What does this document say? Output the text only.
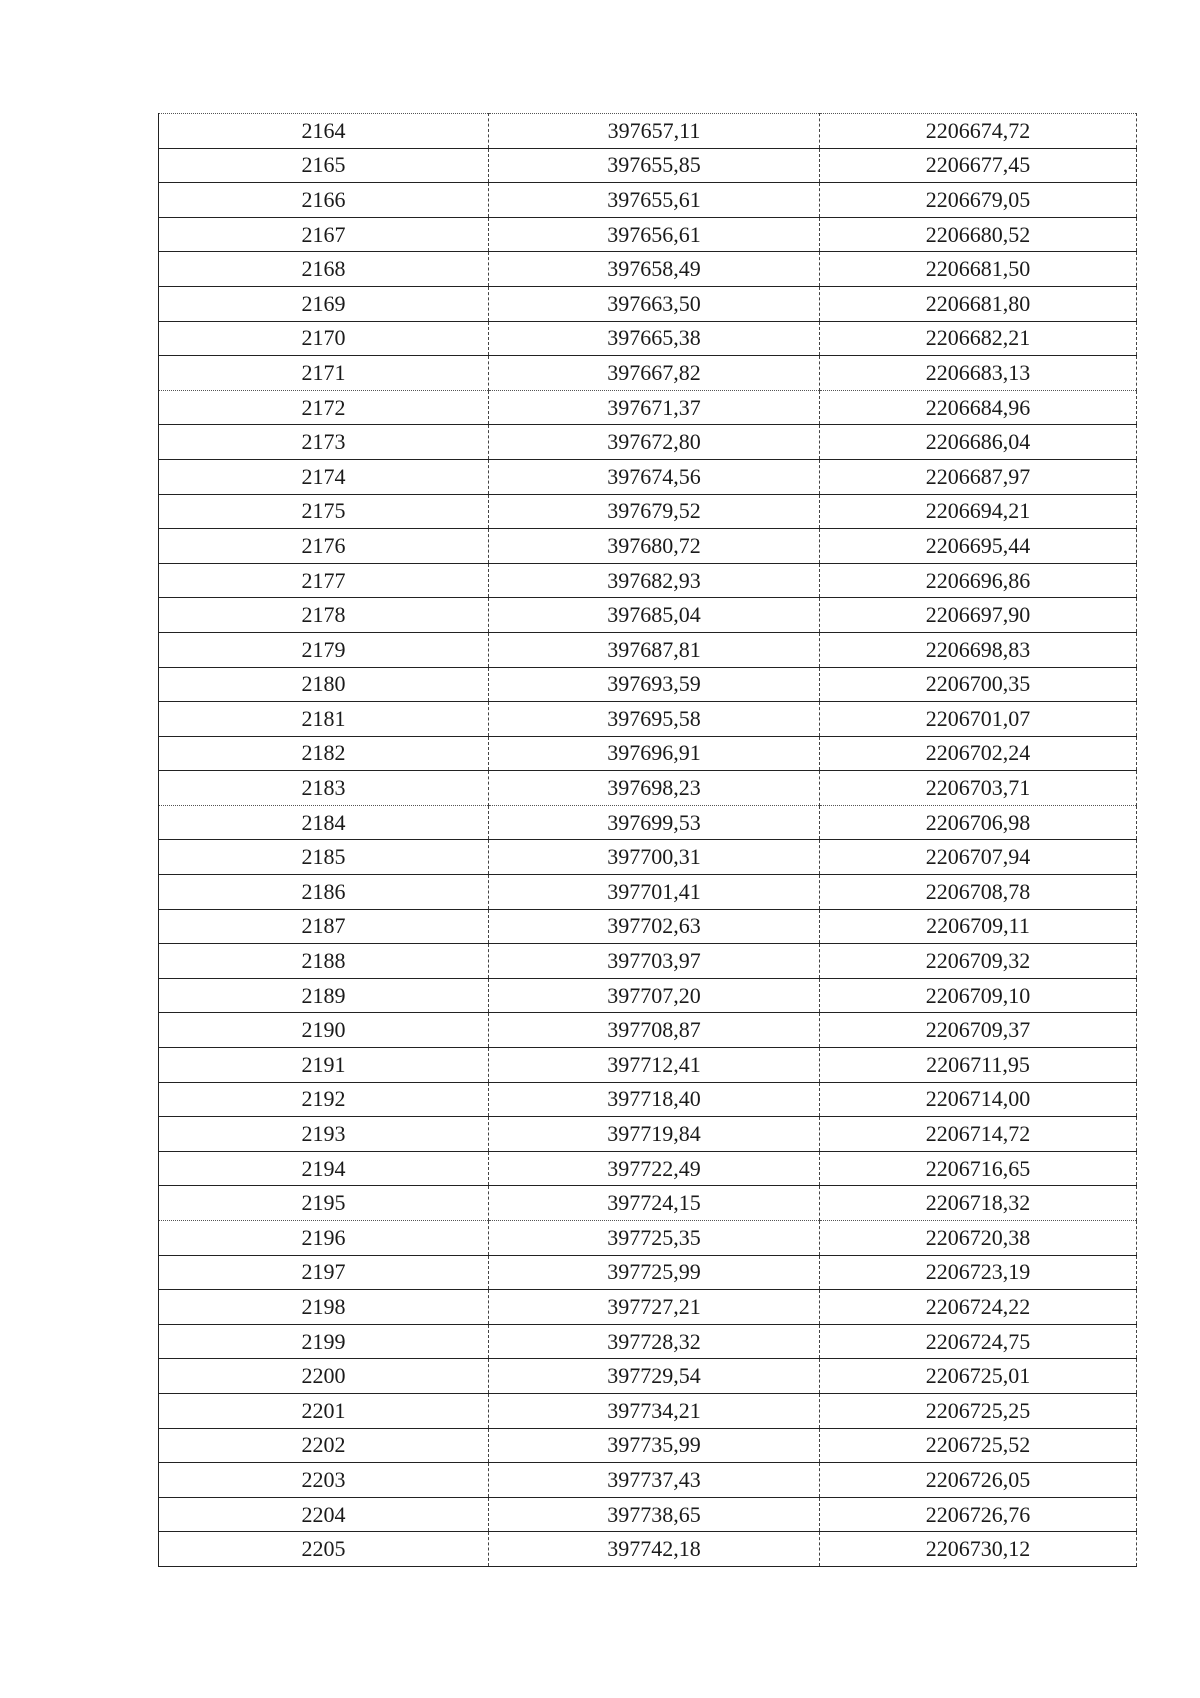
2164	397657,11	2206674,72
2165	397655,85	2206677,45
2166	397655,61	2206679,05
2167	397656,61	2206680,52
2168	397658,49	2206681,50
2169	397663,50	2206681,80
2170	397665,38	2206682,21
2171	397667,82	2206683,13
2172	397671,37	2206684,96
2173	397672,80	2206686,04
2174	397674,56	2206687,97
2175	397679,52	2206694,21
2176	397680,72	2206695,44
2177	397682,93	2206696,86
2178	397685,04	2206697,90
2179	397687,81	2206698,83
2180	397693,59	2206700,35
2181	397695,58	2206701,07
2182	397696,91	2206702,24
2183	397698,23	2206703,71
2184	397699,53	2206706,98
2185	397700,31	2206707,94
2186	397701,41	2206708,78
2187	397702,63	2206709,11
2188	397703,97	2206709,32
2189	397707,20	2206709,10
2190	397708,87	2206709,37
2191	397712,41	2206711,95
2192	397718,40	2206714,00
2193	397719,84	2206714,72
2194	397722,49	2206716,65
2195	397724,15	2206718,32
2196	397725,35	2206720,38
2197	397725,99	2206723,19
2198	397727,21	2206724,22
2199	397728,32	2206724,75
2200	397729,54	2206725,01
2201	397734,21	2206725,25
2202	397735,99	2206725,52
2203	397737,43	2206726,05
2204	397738,65	2206726,76
2205	397742,18	2206730,12
